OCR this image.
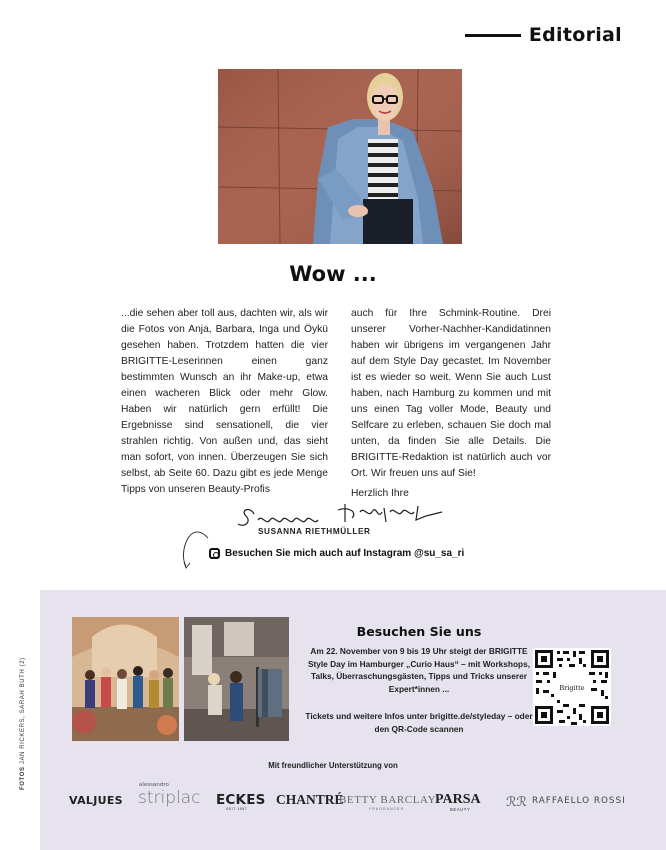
Editorial
Wow ...

...die sehen aber toll aus, dachten wir, als wir die Fotos von Anja, Barbara, Inga und Öykü gesehen haben. Trotzdem hatten die vier BRIGITTE-Leserinnen einen ganz bestimmten Wunsch an ihr Make-up, etwa einen wacheren Blick oder mehr Glow. Haben wir natürlich gern erfüllt! Die Ergebnisse sind sensationell, die vier strahlen richtig. Von außen und, das sieht man sofort, von innen. Überzeugen Sie sich selbst, ab Seite 60. Dazu gibt es jede Menge Tipps von unseren Beauty-Profis

auch für Ihre Schmink-Routine. Drei unserer Vorher-Nachher-Kandidatinnen haben wir übrigens im vergangenen Jahr auf dem Style Day gecastet. Im November ist es wieder so weit. Wenn Sie auch Lust haben, nach Hamburg zu kommen und mit uns einen Tag voller Mode, Beauty und Selfcare zu erleben, schauen Sie doch mal unten, da finden Sie alle Details. Die BRIGITTE-Redaktion ist natürlich auch vor Ort. Wir freuen uns auf Sie!

Herzlich Ihre

SUSANNA RIETHMÜLLER
Besuchen Sie mich auch auf Instagram @su_sa_ri
FOTOS JAN RICKERS, SARAH BUTH (2)
Besuchen Sie uns
Am 22. November von 9 bis 19 Uhr steigt der BRIGITTE Style Day im Hamburger „Curio Haus“ – mit Workshops, Talks, Überraschungsgästen, Tipps und Tricks unserer Expert*innen ...
Tickets und weitere Infos unter brigitte.de/styleday – oder den QR-Code scannen
Brigitte
Mit freundlicher Unterstützung von
VALJUES
alessandro
striplac ECKES
SEIT 1857
CHANTRÉ
BETTY BARCLAY
FRAGRANCES
PARSA
BEAUTY
ℛℛ RAFFAELLO ROSSI
